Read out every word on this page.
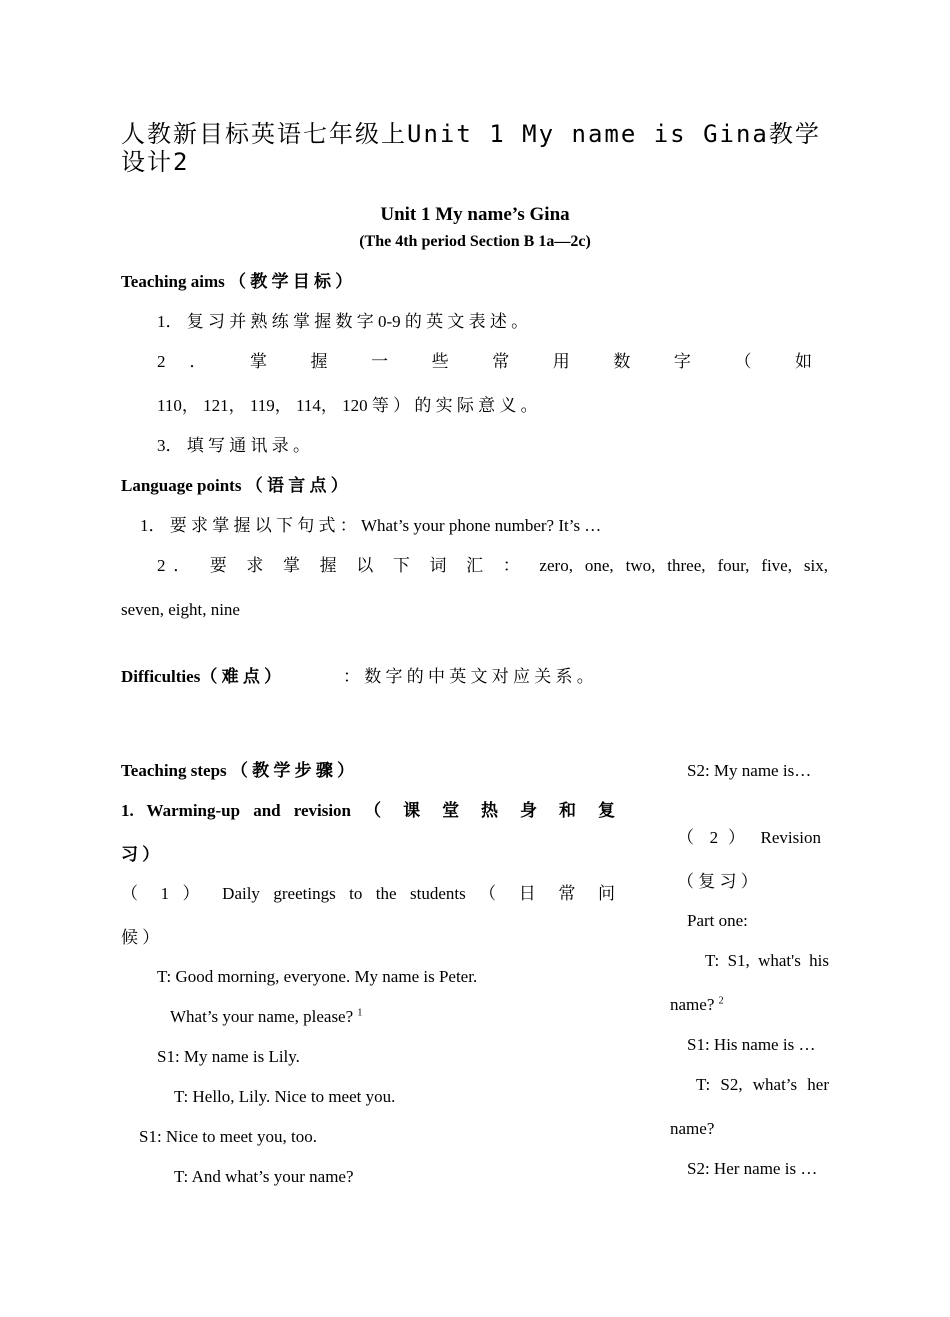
人教新目标英语七年级上Unit 1 My name is Gina教学设计2
Unit 1 My name’s Gina
(The 4th period Section B 1a—2c)
Teaching aims （ 教 学 目 标 ）
1． 复 习 并 熟 练 掌 握 数 字 0-9 的 英 文 表 述 。
2 ． 掌 握 一 些 常 用 数 字 （ 如
110， 121， 119， 114， 120 等 ） 的 实 际 意 义 。
3． 填 写 通 讯 录 。
Language points （ 语 言 点 ）
1． 要 求 掌 握 以 下 句 式 ： What’s your phone number? It’s …
2． 要 求 掌 握 以 下 词 汇 ： zero, one, two, three, four, five, six,
seven, eight, nine
Difficulties（ 难 点 ）	： 数 字 的 中 英 文 对 应 关 系 。
Teaching steps （ 教 学 步 骤 ）
1. Warming-up and revision （ 课 堂 热 身 和 复
习 ）
（ 1 ） Daily greetings to the students （ 日 常 问
候 ）
T: Good morning, everyone. My name is Peter.
What’s your name, please? $^1$
S1: My name is Lily.
T: Hello, Lily. Nice to meet you.
S1: Nice to meet you, too.
T: And what’s your name?
S2: My name is…
（ 2 ） Revision
（ 复 习 ）
Part one:
T: S1, what's his
name? $^2$
S1: His name is …
T: S2, what’s her
name?
S2: Her name is …
